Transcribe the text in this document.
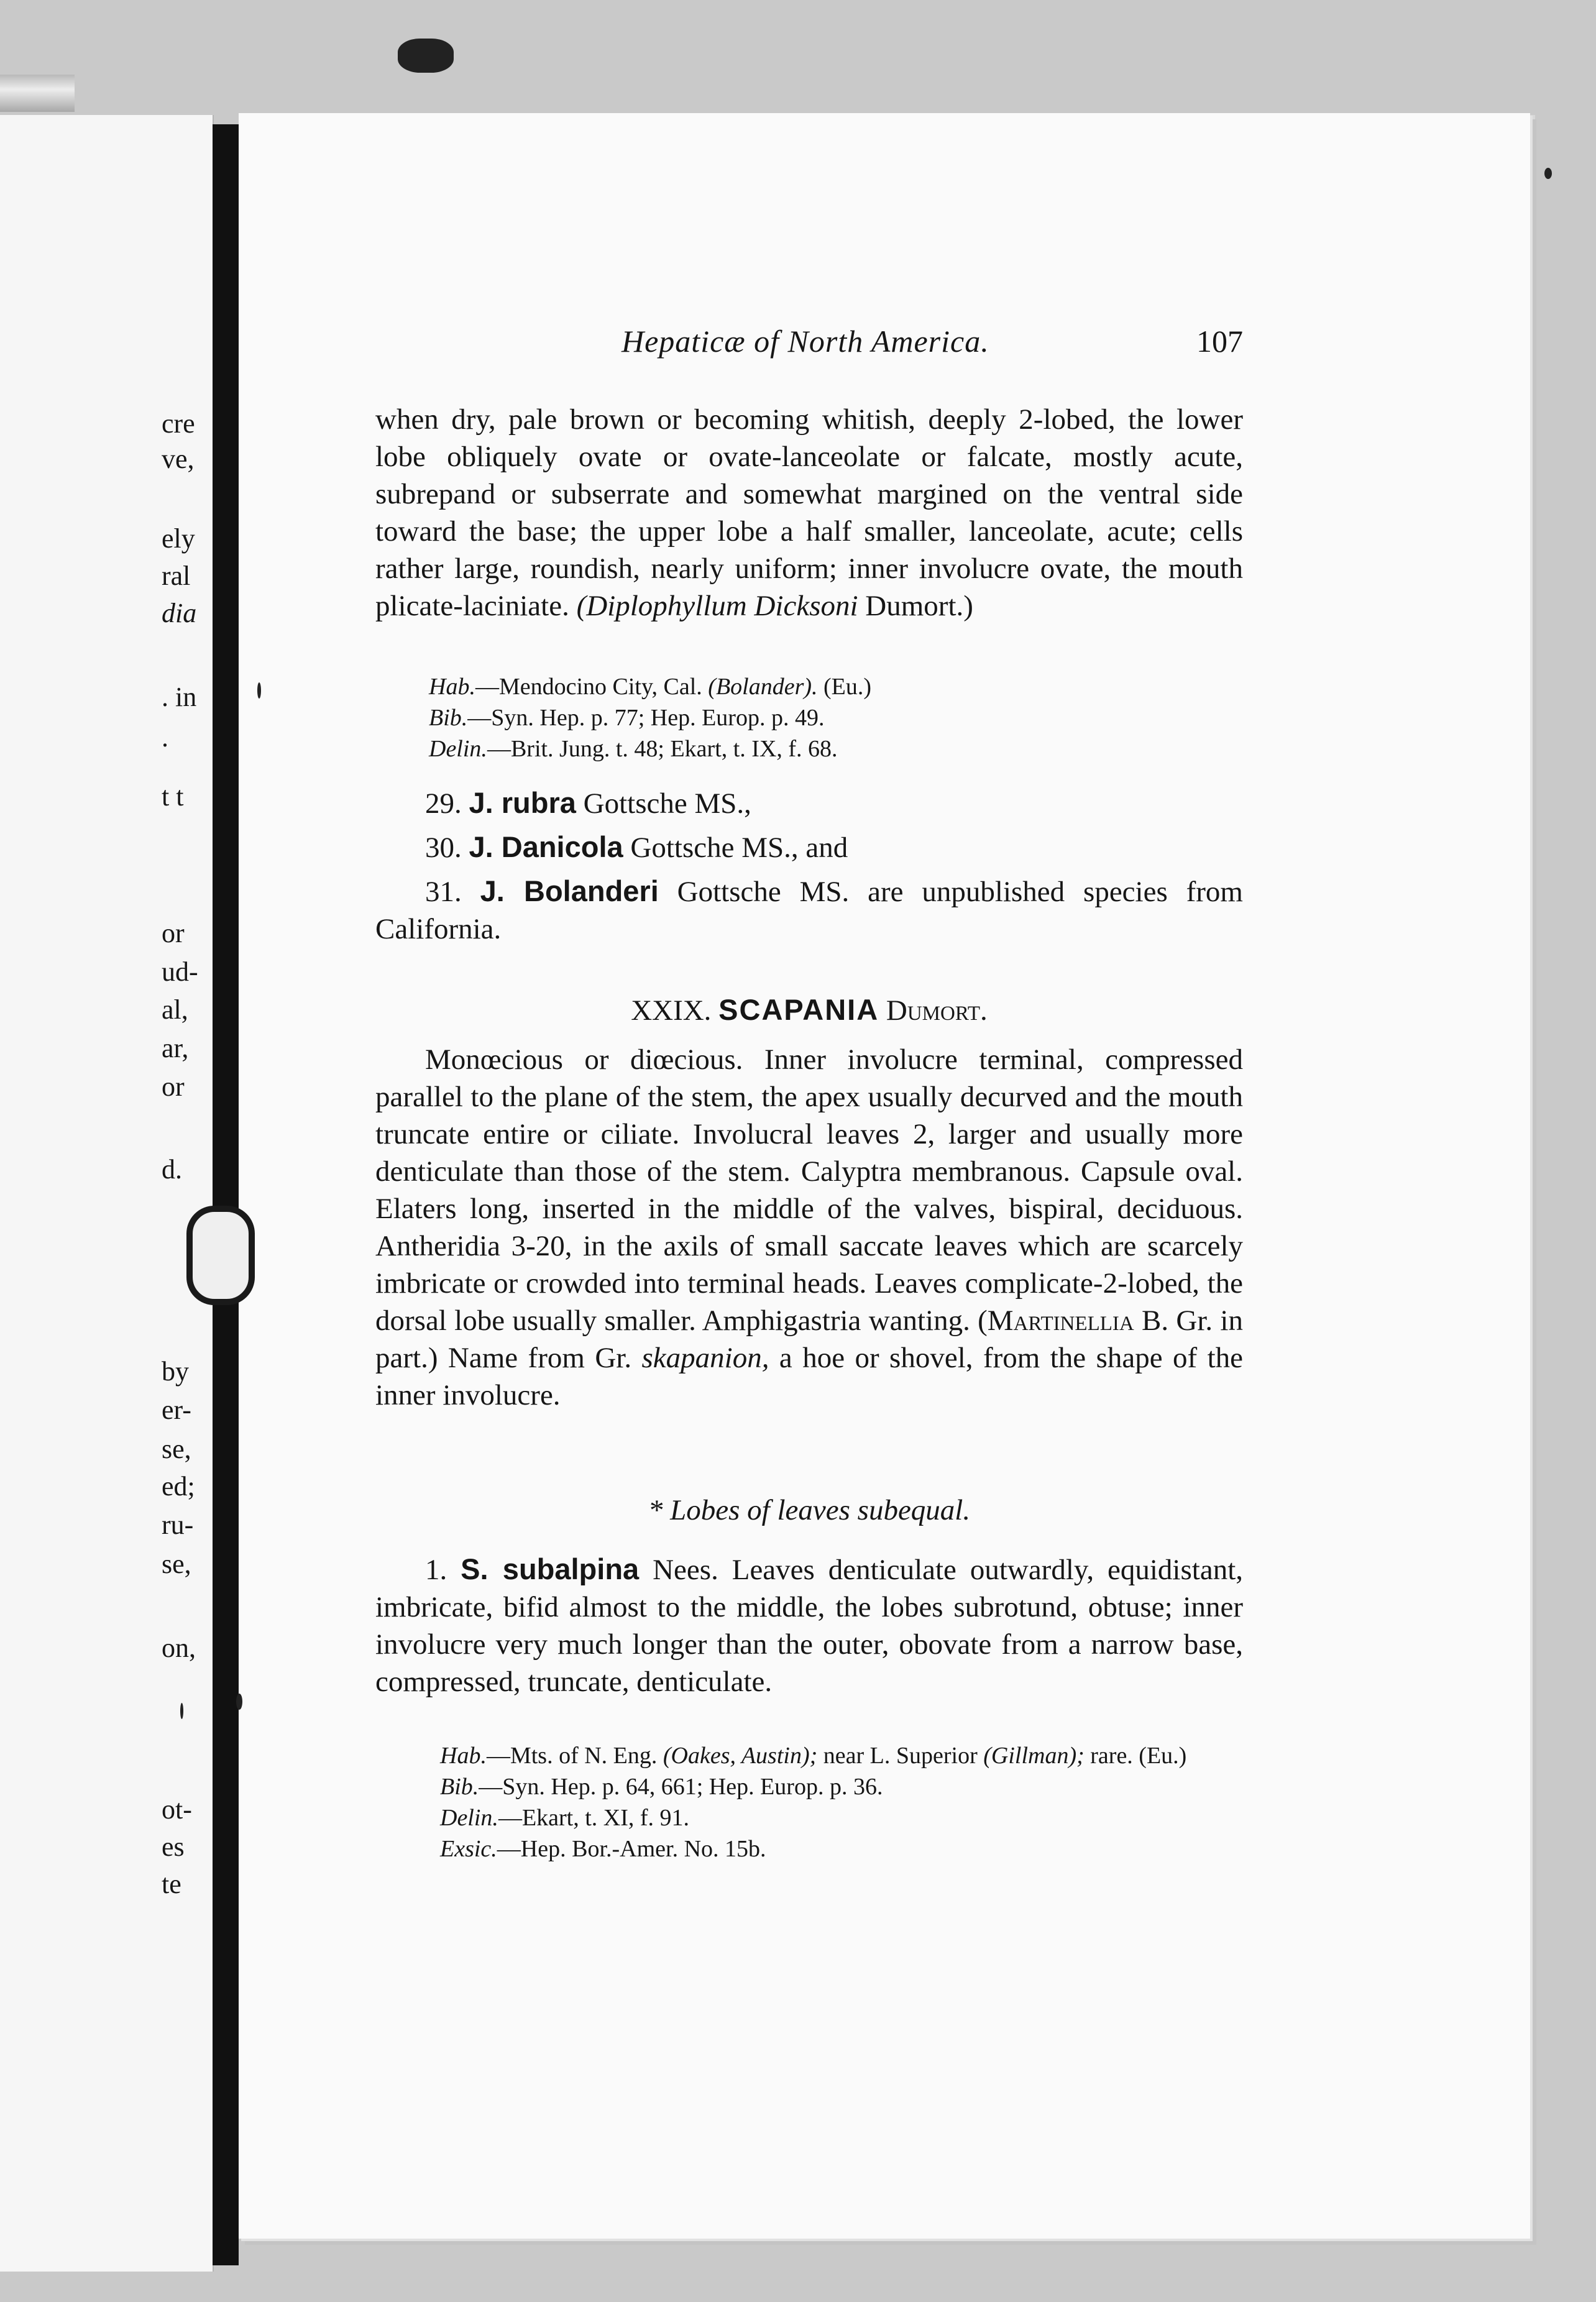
cre
ve,
ely
ral
dia
. in
.
t t
or
ud-
al,
ar,
or
d.
by
er-
se,
ed;
ru-
se,
on,
ot-
es
te
Hepaticæ of North America.	107

when dry, pale brown or becoming whitish, deeply 2-lobed, the lower lobe obliquely ovate or ovate-lanceolate or falcate, mostly acute, subrepand or subserrate and somewhat margined on the ventral side toward the base; the upper lobe a half smaller, lanceolate, acute; cells rather large, roundish, nearly uniform; inner involucre ovate, the mouth plicate-laciniate. (Diplophyllum Dicksoni Dumort.)

Hab.—Mendocino City, Cal. (Bolander). (Eu.)

Bib.—Syn. Hep. p. 77; Hep. Europ. p. 49.

Delin.—Brit. Jung. t. 48; Ekart, t. IX, f. 68.

29. J. rubra Gottsche MS.,

30. J. Danicola Gottsche MS., and

31. J. Bolanderi Gottsche MS. are unpublished species from California.

XXIX. SCAPANIA Dumort.

Monœcious or diœcious. Inner involucre terminal, compressed parallel to the plane of the stem, the apex usually decurved and the mouth truncate entire or ciliate. Involucral leaves 2, larger and usually more denticulate than those of the stem. Calyptra membranous. Capsule oval. Elaters long, inserted in the middle of the valves, bispiral, deciduous. Antheridia 3-20, in the axils of small saccate leaves which are scarcely imbricate or crowded into terminal heads. Leaves complicate-2-lobed, the dorsal lobe usually smaller. Amphigastria wanting. (Martinellia B. Gr. in part.) Name from Gr. skapanion, a hoe or shovel, from the shape of the inner involucre.

* Lobes of leaves subequal.

1. S. subalpina Nees. Leaves denticulate outwardly, equidistant, imbricate, bifid almost to the middle, the lobes subrotund, obtuse; inner involucre very much longer than the outer, obovate from a narrow base, compressed, truncate, denticulate.

Hab.—Mts. of N. Eng. (Oakes, Austin); near L. Superior (Gillman); rare. (Eu.)

Bib.—Syn. Hep. p. 64, 661; Hep. Europ. p. 36.

Delin.—Ekart, t. XI, f. 91.

Exsic.—Hep. Bor.-Amer. No. 15b.
